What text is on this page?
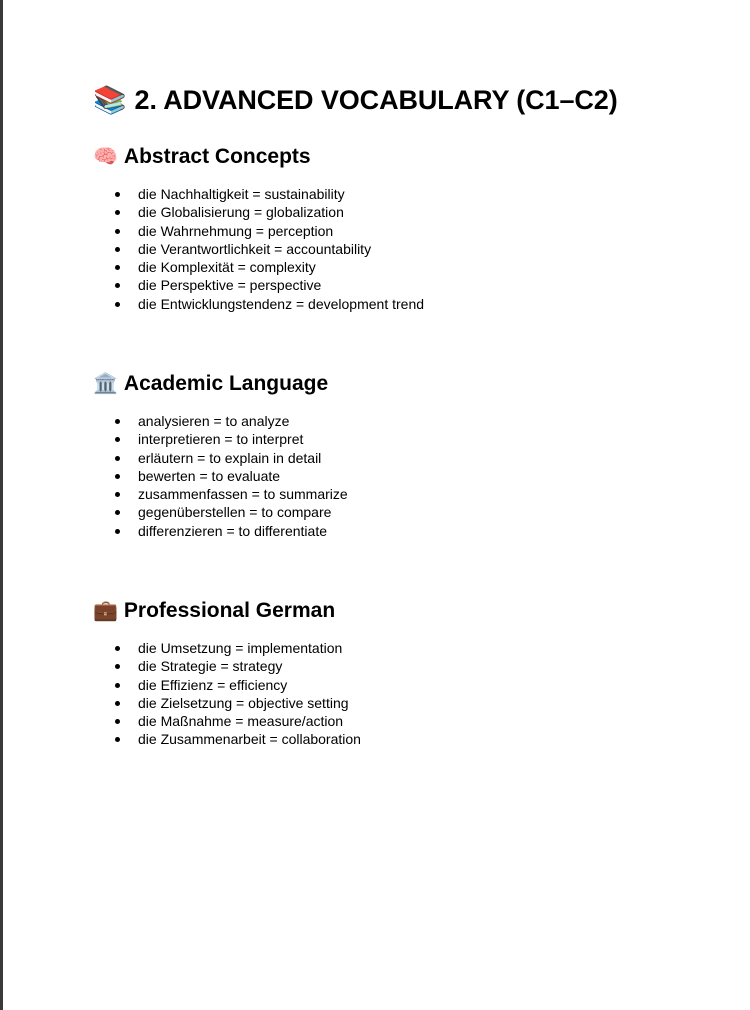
📚 2. ADVANCED VOCABULARY (C1–C2)
🧠 Abstract Concepts
die Nachhaltigkeit = sustainability
die Globalisierung = globalization
die Wahrnehmung = perception
die Verantwortlichkeit = accountability
die Komplexität = complexity
die Perspektive = perspective
die Entwicklungstendenz = development trend
🏛️ Academic Language
analysieren = to analyze
interpretieren = to interpret
erläutern = to explain in detail
bewerten = to evaluate
zusammenfassen = to summarize
gegenüberstellen = to compare
differenzieren = to differentiate
💼 Professional German
die Umsetzung = implementation
die Strategie = strategy
die Effizienz = efficiency
die Zielsetzung = objective setting
die Maßnahme = measure/action
die Zusammenarbeit = collaboration
